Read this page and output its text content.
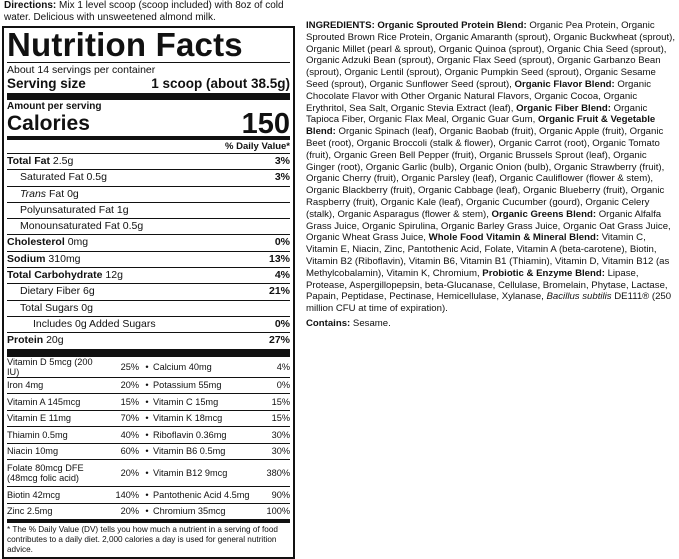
Directions: Mix 1 level scoop (scoop included) with 8oz of cold water. Delicious with unsweetened almond milk.
Nutrition Facts
About 14 servings per container
Serving size	1 scoop (about 38.5g)
Amount per serving
Calories	150
% Daily Value*
Total Fat 2.5g	3%
Saturated Fat 0.5g	3%
Trans Fat 0g
Polyunsaturated Fat 1g
Monounsaturated Fat 0.5g
Cholesterol 0mg	0%
Sodium 310mg	13%
Total Carbohydrate 12g	4%
Dietary Fiber 6g	21%
Total Sugars 0g
Includes 0g Added Sugars	0%
Protein 20g	27%
Vitamin D 5mcg (200 IU)	25%	•	Calcium 40mg	4%
Iron 4mg	20%	•	Potassium 55mg	0%
Vitamin A 145mcg	15%	•	Vitamin C 15mg	15%
Vitamin E 11mg	70%	•	Vitamin K 18mcg	15%
Thiamin 0.5mg	40%	•	Riboflavin 0.36mg	30%
Niacin 10mg	60%	•	Vitamin B6 0.5mg	30%
Folate 80mcg DFE
(48mcg folic acid)	20%	•	Vitamin B12 9mcg	380%
Biotin 42mcg	140%	•	Pantothenic Acid 4.5mg	90%
Zinc 2.5mg	20%	•	Chromium 35mcg	100%
* The % Daily Value (DV) tells you how much a nutrient in a serving of food contributes to a daily diet. 2,000 calories a day is used for general nutrition advice.

INGREDIENTS: Organic Sprouted Protein Blend: Organic Pea Protein, Organic Sprouted Brown Rice Protein, Organic Amaranth (sprout), Organic Buckwheat (sprout), Organic Millet (pearl & sprout), Organic Quinoa (sprout), Organic Chia Seed (sprout), Organic Adzuki Bean (sprout), Organic Flax Seed (sprout), Organic Garbanzo Bean (sprout), Organic Lentil (sprout), Organic Pumpkin Seed (sprout), Organic Sesame Seed (sprout), Organic Sunflower Seed (sprout), Organic Flavor Blend: Organic Chocolate Flavor with Other Organic Natural Flavors, Organic Cocoa, Organic Erythritol, Sea Salt, Organic Stevia Extract (leaf), Organic Fiber Blend: Organic Tapioca Fiber, Organic Flax Meal, Organic Guar Gum, Organic Fruit & Vegetable Blend: Organic Spinach (leaf), Organic Baobab (fruit), Organic Apple (fruit), Organic Beet (root), Organic Broccoli (stalk & flower), Organic Carrot (root), Organic Tomato (fruit), Organic Green Bell Pepper (fruit), Organic Brussels Sprout (leaf), Organic Ginger (root), Organic Garlic (bulb), Organic Onion (bulb), Organic Strawberry (fruit), Organic Cherry (fruit), Organic Parsley (leaf), Organic Cauliflower (flower & stem), Organic Blackberry (fruit), Organic Cabbage (leaf), Organic Blueberry (fruit), Organic Raspberry (fruit), Organic Kale (leaf), Organic Cucumber (gourd), Organic Celery (stalk), Organic Asparagus (flower & stem), Organic Greens Blend: Organic Alfalfa Grass Juice, Organic Spirulina, Organic Barley Grass Juice, Organic Oat Grass Juice, Organic Wheat Grass Juice, Whole Food Vitamin & Mineral Blend: Vitamin C, Vitamin E, Niacin, Zinc, Pantothenic Acid, Folate, Vitamin A (beta-carotene), Biotin, Vitamin B2 (Riboflavin), Vitamin B6, Vitamin B1 (Thiamin), Vitamin D, Vitamin B12 (as Methylcobalamin), Vitamin K, Chromium, Probiotic & Enzyme Blend: Lipase, Protease, Aspergillopepsin, beta-Glucanase, Cellulase, Bromelain, Phytase, Lactase, Papain, Peptidase, Pectinase, Hemicellulase, Xylanase, Bacillus subtilis DE111® (250 million CFU at time of expiration).

Contains: Sesame.
